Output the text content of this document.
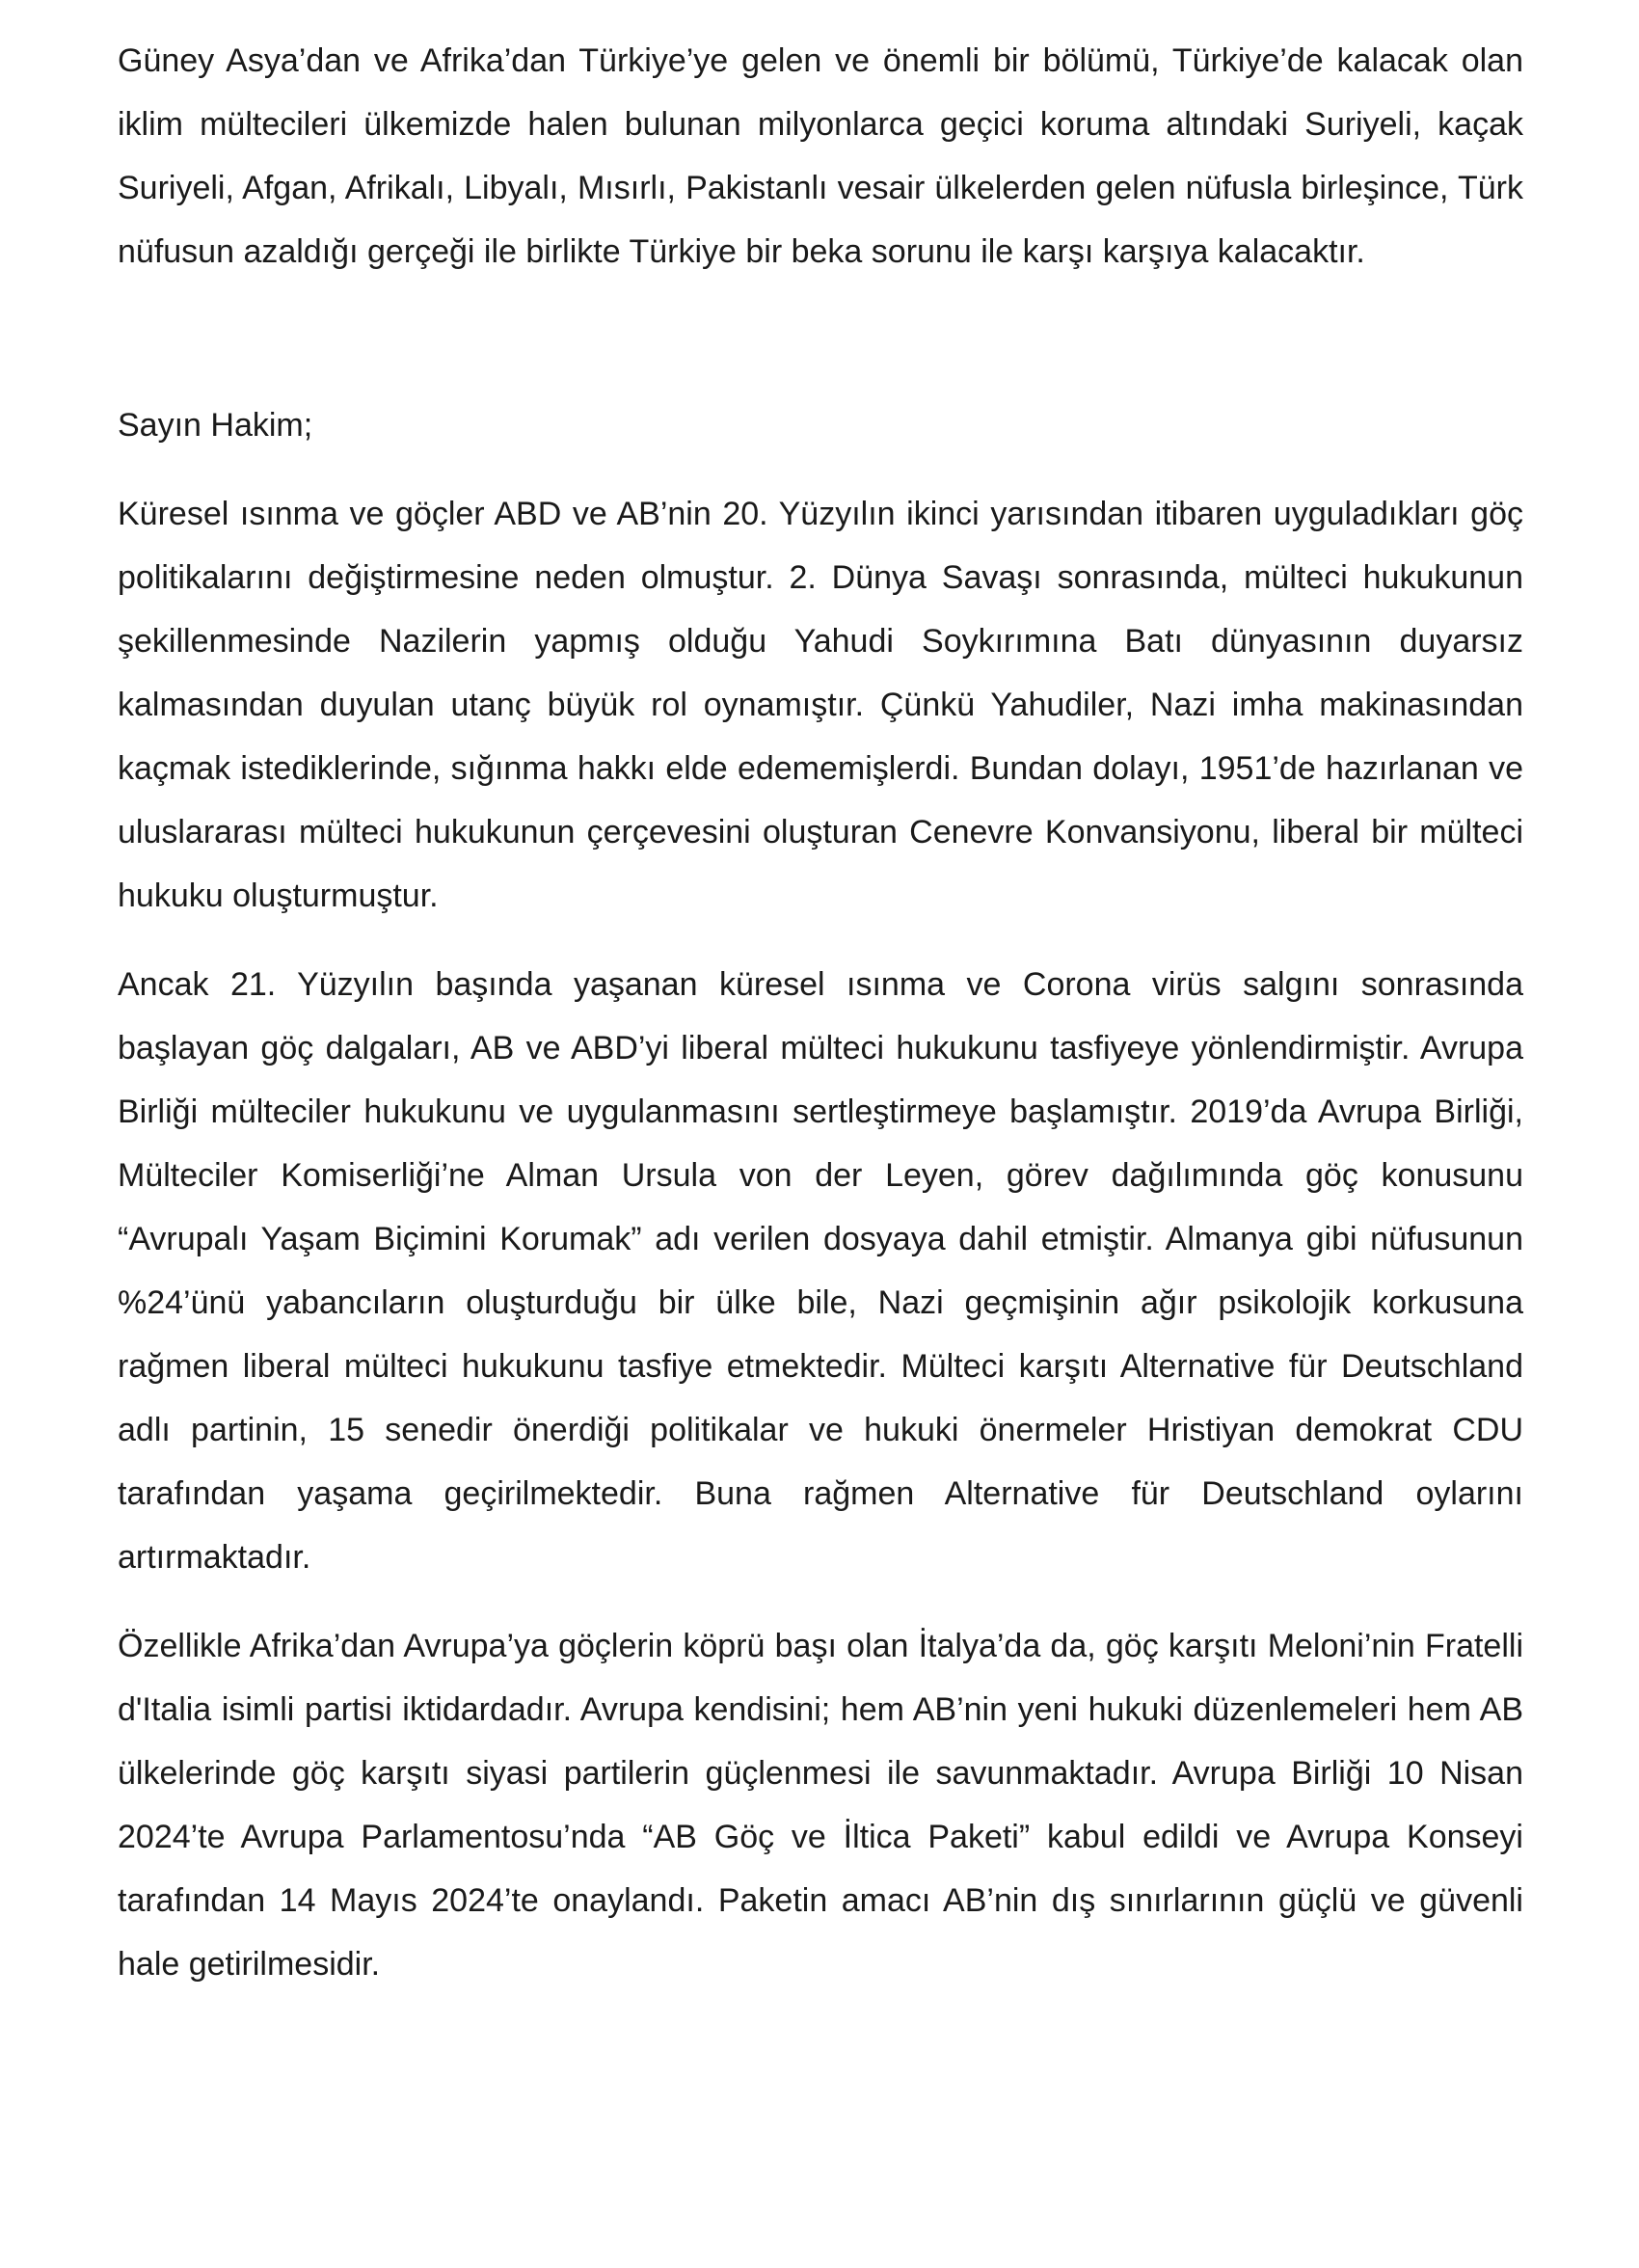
Güney Asya’dan ve Afrika’dan Türkiye’ye gelen ve önemli bir bölümü, Türkiye’de kalacak olan iklim mültecileri ülkemizde halen bulunan milyonlarca geçici koruma altındaki Suriyeli, kaçak Suriyeli, Afgan, Afrikalı, Libyalı, Mısırlı, Pakistanlı vesair ülkelerden gelen nüfusla birleşince, Türk nüfusun azaldığı gerçeği ile birlikte Türkiye bir beka sorunu ile karşı karşıya kalacaktır.

Sayın Hakim;

Küresel ısınma ve göçler ABD ve AB’nin 20. Yüzyılın ikinci yarısından itibaren uyguladıkları göç politikalarını değiştirmesine neden olmuştur. 2. Dünya Savaşı sonrasında, mülteci hukukunun şekillenmesinde Nazilerin yapmış olduğu Yahudi Soykırımına Batı dünyasının duyarsız kalmasından duyulan utanç büyük rol oynamıştır. Çünkü Yahudiler, Nazi imha makinasından kaçmak istediklerinde, sığınma hakkı elde edememişlerdi. Bundan dolayı, 1951’de hazırlanan ve uluslararası mülteci hukukunun çerçevesini oluşturan Cenevre Konvansiyonu, liberal bir mülteci hukuku oluşturmuştur.

Ancak 21. Yüzyılın başında yaşanan küresel ısınma ve Corona virüs salgını sonrasında başlayan göç dalgaları, AB ve ABD’yi liberal mülteci hukukunu tasfiyeye yönlendirmiştir. Avrupa Birliği mülteciler hukukunu ve uygulanmasını sertleştirmeye başlamıştır. 2019’da Avrupa Birliği, Mülteciler Komiserliği’ne Alman Ursula von der Leyen, görev dağılımında göç konusunu “Avrupalı Yaşam Biçimini Korumak” adı verilen dosyaya dahil etmiştir. Almanya gibi nüfusunun %24’ünü yabancıların oluşturduğu bir ülke bile, Nazi geçmişinin ağır psikolojik korkusuna rağmen liberal mülteci hukukunu tasfiye etmektedir. Mülteci karşıtı Alternative für Deutschland adlı partinin, 15 senedir önerdiği politikalar ve hukuki önermeler Hristiyan demokrat CDU tarafından yaşama geçirilmektedir. Buna rağmen Alternative für Deutschland oylarını artırmaktadır.

Özellikle Afrika’dan Avrupa’ya göçlerin köprü başı olan İtalya’da da, göç karşıtı Meloni’nin Fratelli d'Italia isimli partisi iktidardadır. Avrupa kendisini; hem AB’nin yeni hukuki düzenlemeleri hem AB ülkelerinde göç karşıtı siyasi partilerin güçlenmesi ile savunmaktadır. Avrupa Birliği 10 Nisan 2024’te Avrupa Parlamentosu’nda “AB Göç ve İltica Paketi” kabul edildi ve Avrupa Konseyi tarafından 14 Mayıs 2024’te onaylandı. Paketin amacı AB’nin dış sınırlarının güçlü ve güvenli hale getirilmesidir.
